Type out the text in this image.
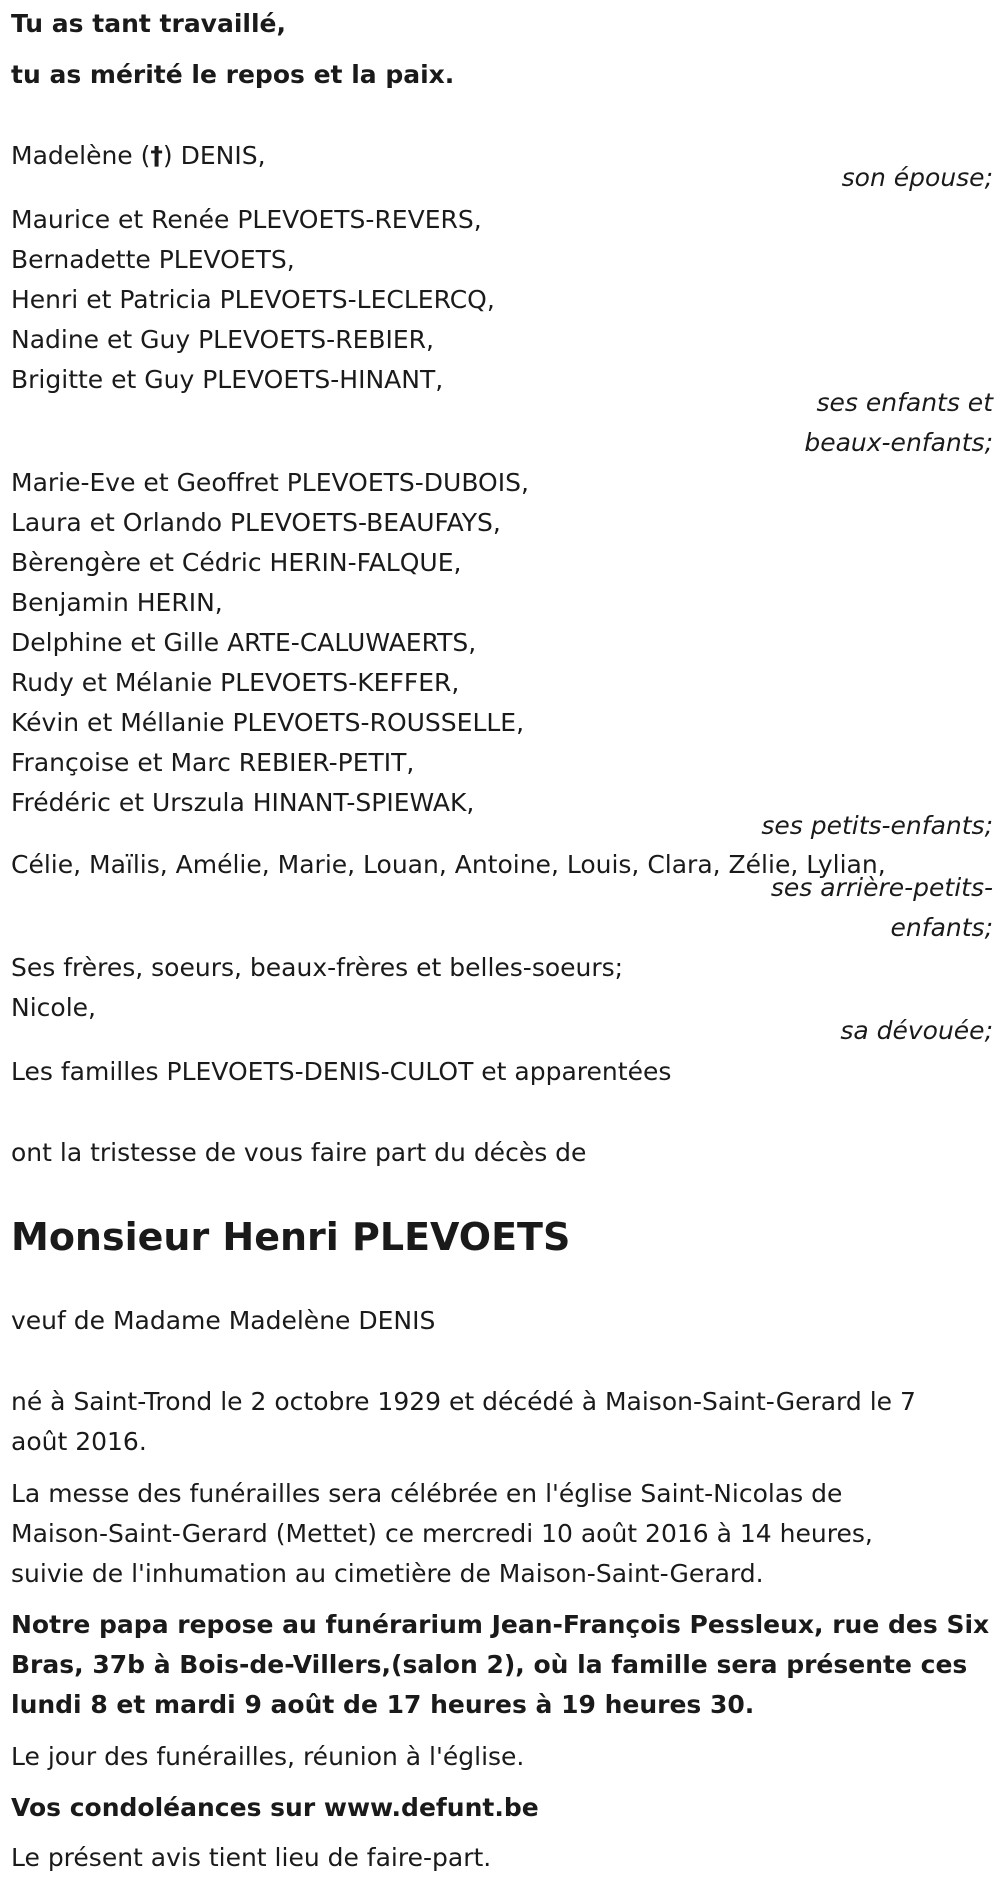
Tu as tant travaillé,
tu as mérité le repos et la paix.
Madelène (†) DENIS,
son épouse;
Maurice et Renée PLEVOETS-REVERS,
Bernadette PLEVOETS,
Henri et Patricia PLEVOETS-LECLERCQ,
Nadine et Guy PLEVOETS-REBIER,
Brigitte et Guy PLEVOETS-HINANT,
ses enfants et
beaux-enfants;
Marie-Eve et Geoffret PLEVOETS-DUBOIS,
Laura et Orlando PLEVOETS-BEAUFAYS,
Bèrengère et Cédric HERIN-FALQUE,
Benjamin HERIN,
Delphine et Gille ARTE-CALUWAERTS,
Rudy et Mélanie PLEVOETS-KEFFER,
Kévin et Méllanie PLEVOETS-ROUSSELLE,
Françoise et Marc REBIER-PETIT,
Frédéric et Urszula HINANT-SPIEWAK,
ses petits-enfants;
Célie, Maïlis, Amélie, Marie, Louan, Antoine, Louis, Clara, Zélie, Lylian,
ses arrière-petits-
enfants;
Ses frères, soeurs, beaux-frères et belles-soeurs;
Nicole,
sa dévouée;
Les familles PLEVOETS-DENIS-CULOT et apparentées
ont la tristesse de vous faire part du décès de
Monsieur Henri PLEVOETS
veuf de Madame Madelène DENIS
né à Saint-Trond le 2 octobre 1929 et décédé à Maison-Saint-Gerard le 7
août 2016.
La messe des funérailles sera célébrée en l'église Saint-Nicolas de
Maison-Saint-Gerard (Mettet) ce mercredi 10 août 2016 à 14 heures,
suivie de l'inhumation au cimetière de Maison-Saint-Gerard.
Notre papa repose au funérarium Jean-François Pessleux, rue des Six
Bras, 37b à Bois-de-Villers,(salon 2), où la famille sera présente ces
lundi 8 et mardi 9 août de 17 heures à 19 heures 30.
Le jour des funérailles, réunion à l'église.
Vos condoléances sur www.defunt.be
Le présent avis tient lieu de faire-part.
